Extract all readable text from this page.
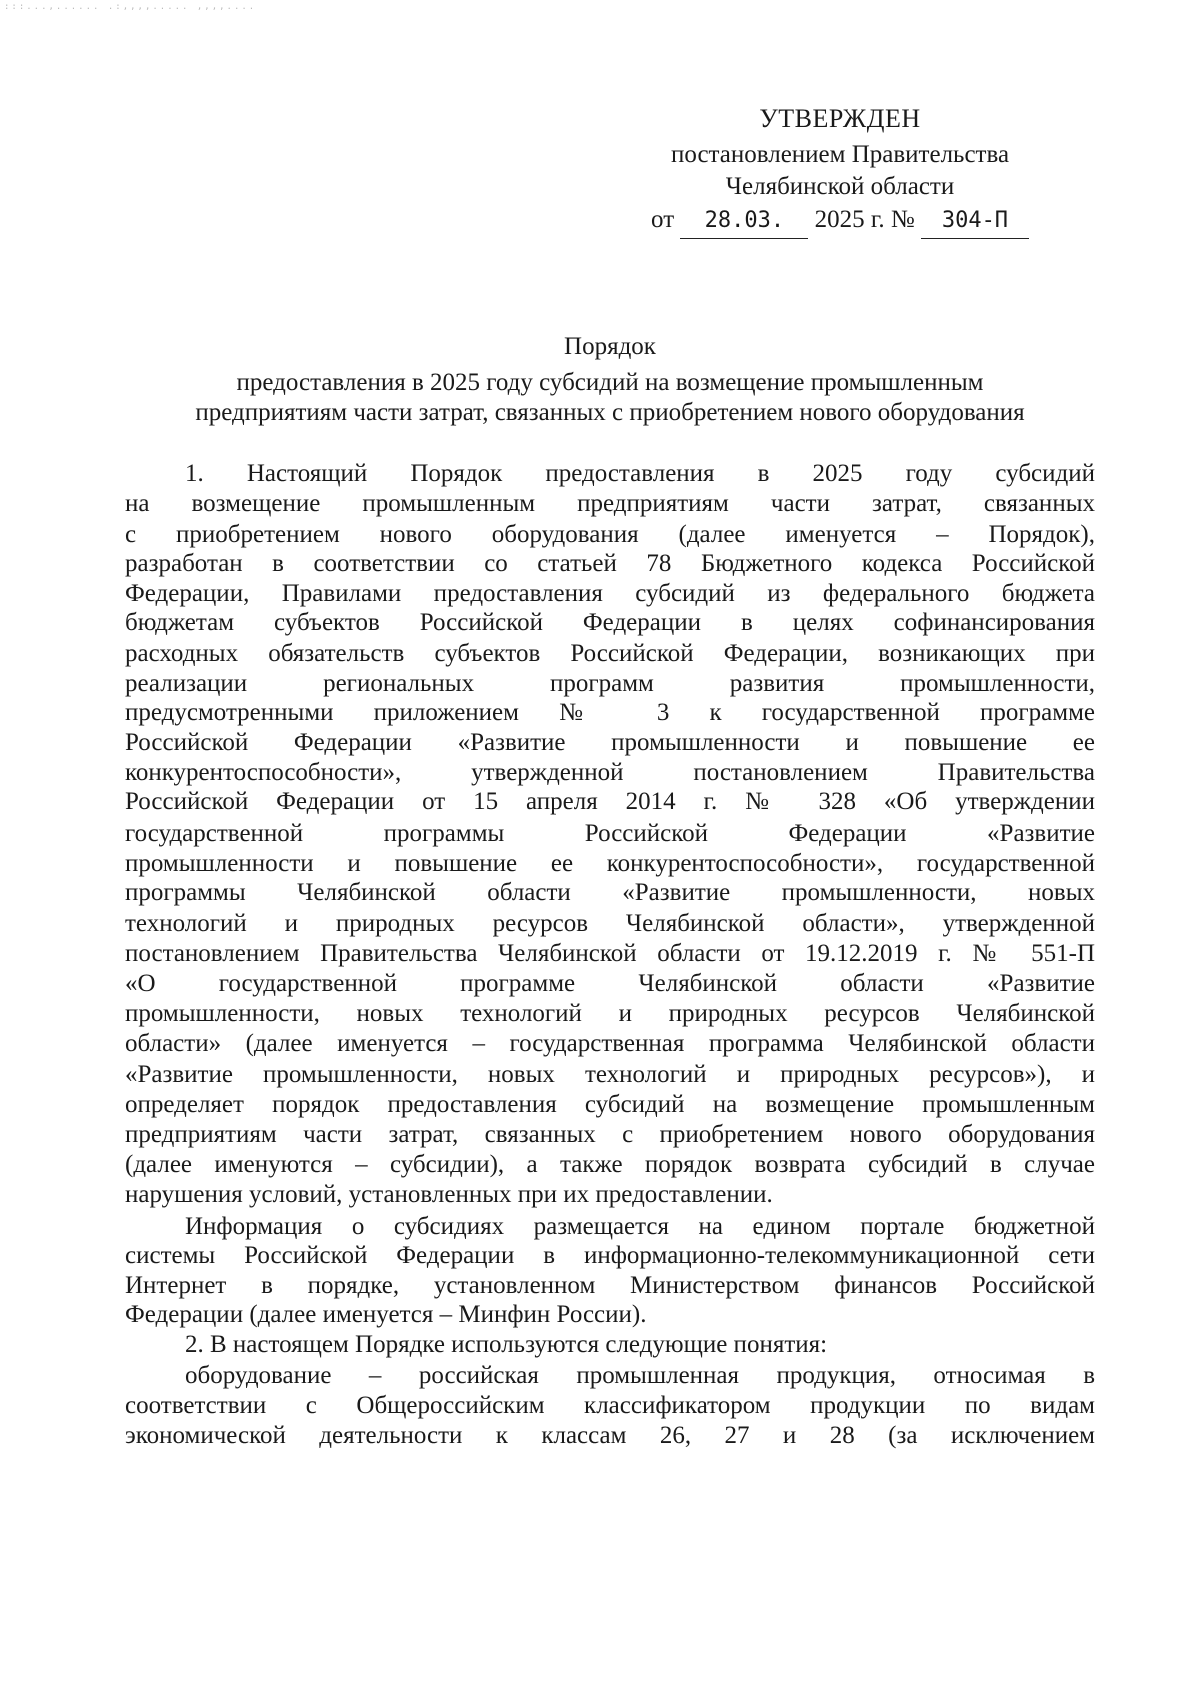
:::...,...... .:,,,,..... ,,,,....
УТВЕРЖДЕН
постановлением Правительства
Челябинской области
от 28.03. 2025 г. № 304-П
Порядок
предоставления в 2025 году субсидий на возмещение промышленным
предприятиям части затрат, связанных с приобретением нового оборудования
1. Настоящий Порядок предоставления в 2025 году субсидий
на возмещение промышленным предприятиям части затрат, связанных
с приобретением нового оборудования (далее именуется – Порядок),
разработан в соответствии со статьей 78 Бюджетного кодекса Российской
Федерации, Правилами предоставления субсидий из федерального бюджета
бюджетам субъектов Российской Федерации в целях софинансирования
расходных обязательств субъектов Российской Федерации, возникающих при
реализации региональных программ развития промышленности,
предусмотренными приложением № 3 к государственной программе
Российской Федерации «Развитие промышленности и повышение ее
конкурентоспособности», утвержденной постановлением Правительства
Российской Федерации от 15 апреля 2014 г. № 328 «Об утверждении
государственной программы Российской Федерации «Развитие
промышленности и повышение ее конкурентоспособности», государственной
программы Челябинской области «Развитие промышленности, новых
технологий и природных ресурсов Челябинской области», утвержденной
постановлением Правительства Челябинской области от 19.12.2019 г. № 551-П
«О государственной программе Челябинской области «Развитие
промышленности, новых технологий и природных ресурсов Челябинской
области» (далее именуется – государственная программа Челябинской области
«Развитие промышленности, новых технологий и природных ресурсов»), и
определяет порядок предоставления субсидий на возмещение промышленным
предприятиям части затрат, связанных с приобретением нового оборудования
(далее именуются – субсидии), а также порядок возврата субсидий в случае
нарушения условий, установленных при их предоставлении.
Информация о субсидиях размещается на едином портале бюджетной
системы Российской Федерации в информационно-телекоммуникационной сети
Интернет в порядке, установленном Министерством финансов Российской
Федерации (далее именуется – Минфин России).
2. В настоящем Порядке используются следующие понятия:
оборудование – российская промышленная продукция, относимая в
соответствии с Общероссийским классификатором продукции по видам
экономической деятельности к классам 26, 27 и 28 (за исключением
